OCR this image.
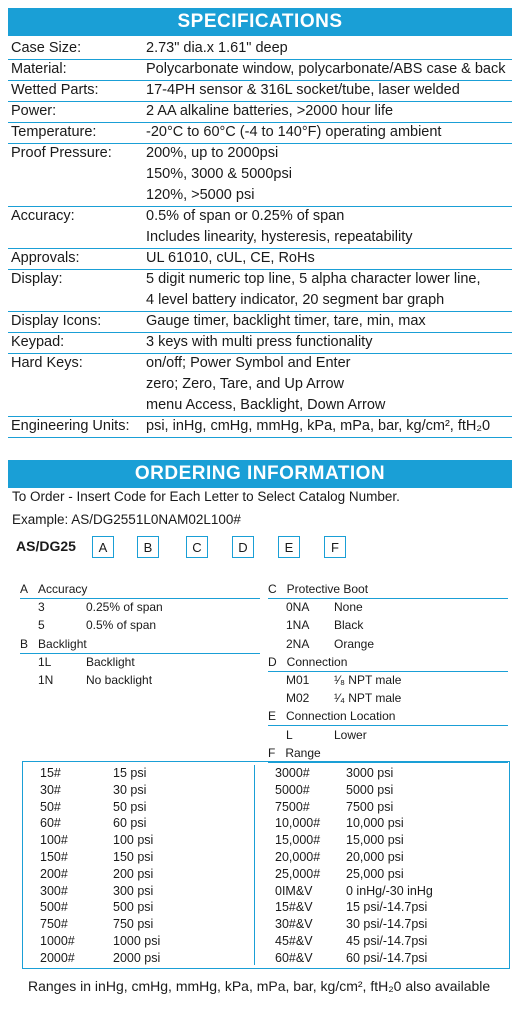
SPECIFICATIONS
Case Size:	2.73" dia.x 1.61" deep
Material:	Polycarbonate window, polycarbonate/ABS case & back
Wetted Parts:	17-4PH sensor & 316L socket/tube, laser welded
Power:	2 AA alkaline batteries, >2000 hour life
Temperature:	-20°C to 60°C (-4 to 140°F) operating ambient
Proof Pressure: 200%, up to 2000psi
150%, 3000 & 5000psi
120%, >5000 psi
Accuracy:	0.5% of span or 0.25% of span
Includes linearity, hysteresis, repeatability
Approvals:	UL 61010, cUL, CE, RoHs
Display:	5 digit numeric top line, 5 alpha character lower line,
4 level battery indicator, 20 segment bar graph
Display Icons:	Gauge timer, backlight timer, tare, min, max
Keypad:	3 keys with multi press functionality
Hard Keys:	on/off; Power Symbol and Enter
zero; Zero, Tare, and Up Arrow
menu Access, Backlight, Down Arrow
Engineering Units: psi, inHg, cmHg, mmHg, kPa, mPa, bar, kg/cm², ftH₂0
ORDERING INFORMATION
To Order - Insert Code for Each Letter to Select Catalog Number.
Example: AS/DG2551L0NAM02L100#
AS/DG25	A	B	C	D	E	F
A Accuracy
3	0.25% of span
5	0.5% of span
B Backlight
1L	Backlight
1N	No backlight
C Protective Boot
0NA None
1NA Black
2NA Orange
D Connection
M01 ¹⁄₈ NPT male
M02 ¹⁄₄ NPT male
E Connection Location
L	Lower
F Range
15#	15 psi
30#	30 psi
50#	50 psi
60#	60 psi
100#	100 psi
150#	150 psi
200#	200 psi
300#	300 psi
500#	500 psi
750#	750 psi
1000#	1000 psi
2000#	2000 psi
3000#	3000 psi
5000#	5000 psi
7500#	7500 psi
10,000# 10,000 psi
15,000# 15,000 psi
20,000# 20,000 psi
25,000# 25,000 psi
0IM&V	0 inHg/-30 inHg
15#&V	15 psi/-14.7psi
30#&V	30 psi/-14.7psi
45#&V	45 psi/-14.7psi
60#&V	60 psi/-14.7psi
Ranges in inHg, cmHg, mmHg, kPa, mPa, bar, kg/cm², ftH₂0 also available
